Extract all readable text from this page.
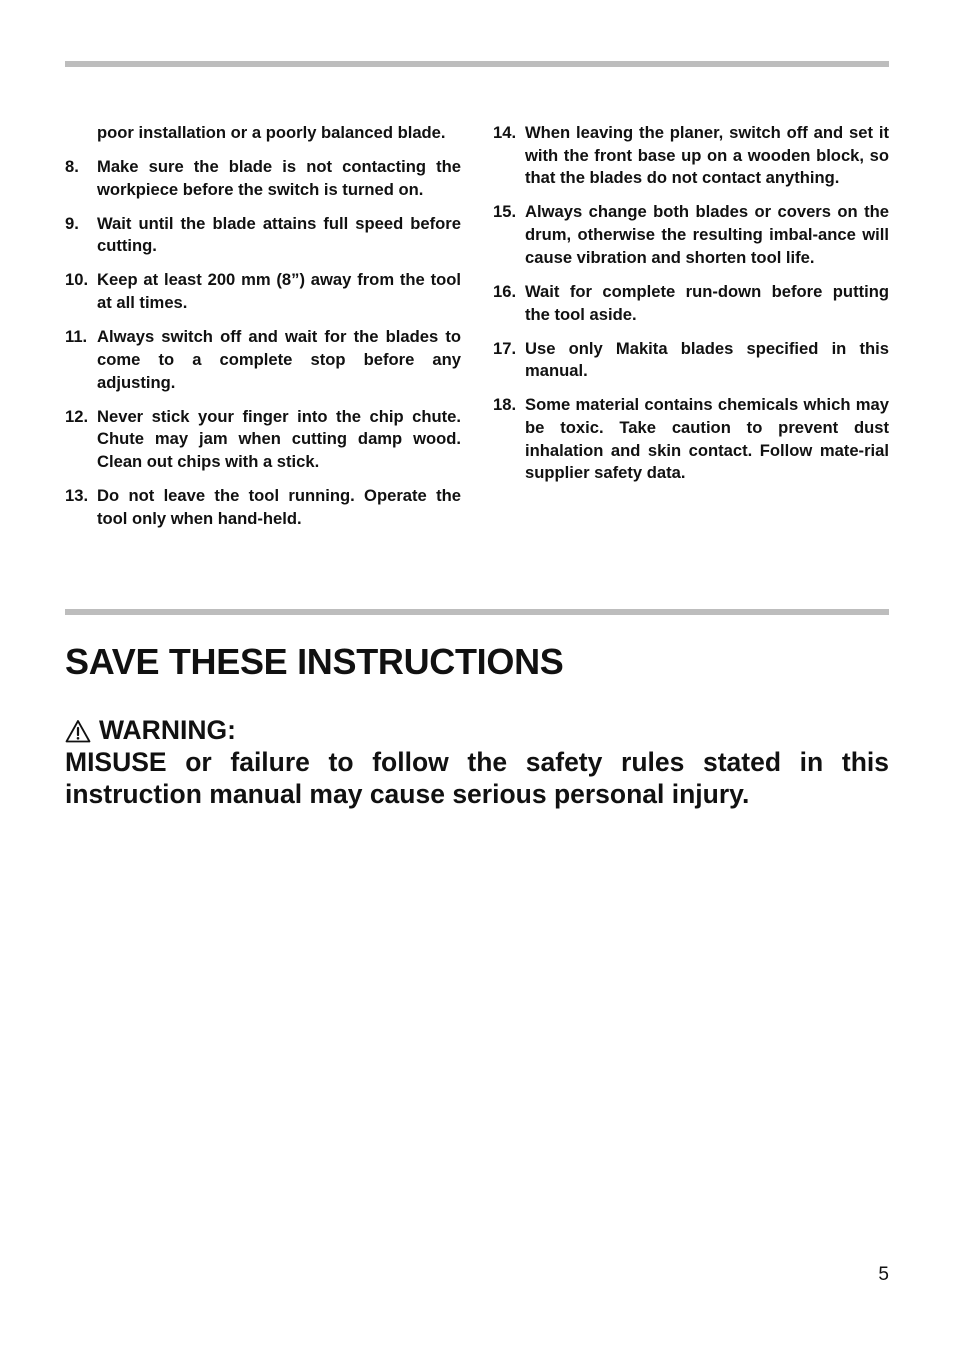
poor installation or a poorly balanced blade.
8.	Make sure the blade is not contacting the workpiece before the switch is turned on.
9.	Wait until the blade attains full speed before cutting.
10. Keep at least 200 mm (8”) away from the tool at all times.
11. Always switch off and wait for the blades to come to a complete stop before any adjusting.
12. Never stick your finger into the chip chute. Chute may jam when cutting damp wood. Clean out chips with a stick.
13. Do not leave the tool running. Operate the tool only when hand-held.
14. When leaving the planer, switch off and set it with the front base up on a wooden block, so that the blades do not contact anything.
15. Always change both blades or covers on the drum, otherwise the resulting imbal-ance will cause vibration and shorten tool life.
16. Wait for complete run-down before putting the tool aside.
17. Use only Makita blades specified in this manual.
18. Some material contains chemicals which may be toxic. Take caution to prevent dust inhalation and skin contact. Follow mate-rial supplier safety data.
SAVE THESE INSTRUCTIONS
WARNING:
MISUSE or failure to follow the safety rules stated in this instruction manual may cause serious personal injury.
5
